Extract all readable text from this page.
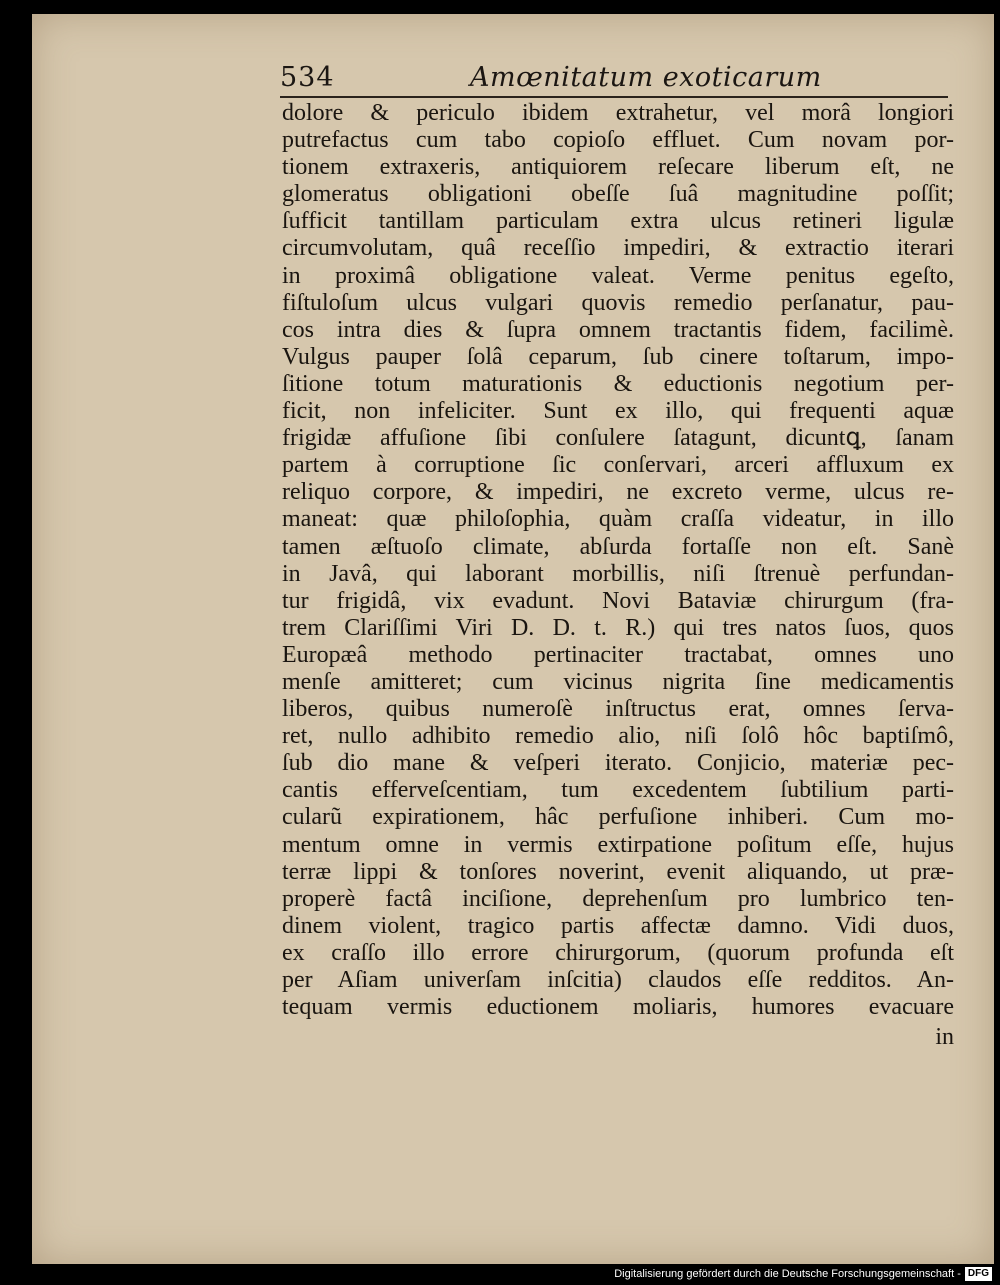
534	Amœnitatum exoticarum
dolore & periculo ibidem extrahetur, vel morâ longiori
putrefactus cum tabo copioſo effluet. Cum novam por-
tionem extraxeris, antiquiorem reſecare liberum eſt, ne
glomeratus obligationi obeſſe ſuâ magnitudine poſſit;
ſufficit tantillam particulam extra ulcus retineri ligulæ
circumvolutam, quâ receſſio impediri, & extractio iterari
in proximâ obligatione valeat. Verme penitus egeſto,
fiſtuloſum ulcus vulgari quovis remedio perſanatur, pau-
cos intra dies & ſupra omnem tractantis fidem, facilimè.
Vulgus pauper ſolâ ceparum, ſub cinere toſtarum, impo-
ſitione totum maturationis & eductionis negotium per-
ficit, non infeliciter. Sunt ex illo, qui frequenti aquæ
frigidæ affuſione ſibi conſulere ſatagunt, dicuntꝗ, ſanam
partem à corruptione ſic conſervari, arceri affluxum ex
reliquo corpore, & impediri, ne excreto verme, ulcus re-
maneat: quæ philoſophia, quàm craſſa videatur, in illo
tamen æſtuoſo climate, abſurda fortaſſe non eſt. Sanè
in Javâ, qui laborant morbillis, niſi ſtrenuè perfundan-
tur frigidâ, vix evadunt. Novi Bataviæ chirurgum (fra-
trem Clariſſimi Viri D. D. t. R.) qui tres natos ſuos, quos
Europæâ methodo pertinaciter tractabat, omnes uno
menſe amitteret; cum vicinus nigrita ſine medicamentis
liberos, quibus numeroſè inſtructus erat, omnes ſerva-
ret, nullo adhibito remedio alio, niſi ſolô hôc baptiſmô,
ſub dio mane & veſperi iterato. Conjicio, materiæ pec-
cantis efferveſcentiam, tum excedentem ſubtilium parti-
cularũ expirationem, hâc perfuſione inhiberi. Cum mo-
mentum omne in vermis extirpatione poſitum eſſe, hujus
terræ lippi & tonſores noverint, evenit aliquando, ut præ-
properè factâ inciſione, deprehenſum pro lumbrico ten-
dinem violent, tragico partis affectæ damno. Vidi duos,
ex craſſo illo errore chirurgorum, (quorum profunda eſt
per Aſiam univerſam inſcitia) claudos eſſe redditos. An-
tequam vermis eductionem moliaris, humores evacuare
in
Digitalisierung gefördert durch die Deutsche Forschungsgemeinschaft - DFG
